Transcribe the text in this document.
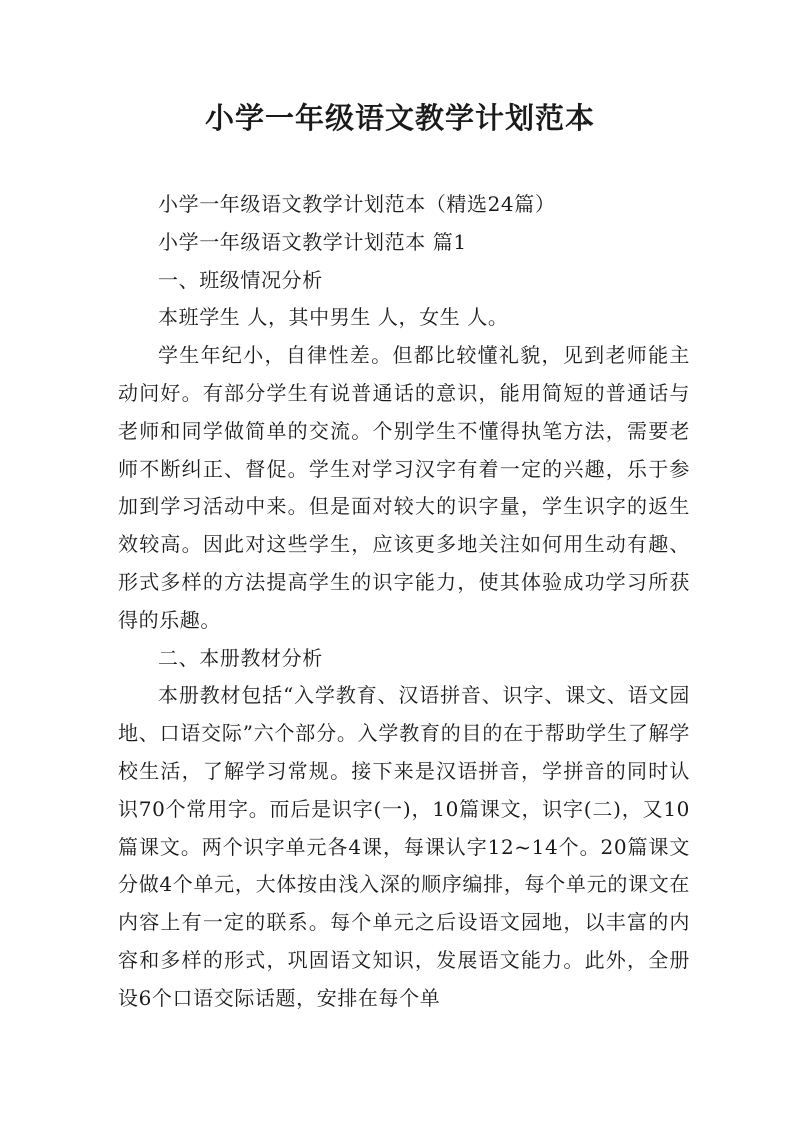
小学一年级语文教学计划范本

小学一年级语文教学计划范本（精选24篇）

小学一年级语文教学计划范本 篇1

一、班级情况分析

本班学生 人，其中男生 人，女生 人。

学生年纪小，自律性差。但都比较懂礼貌，见到老师能主动问好。有部分学生有说普通话的意识，能用简短的普通话与老师和同学做简单的交流。个别学生不懂得执笔方法，需要老师不断纠正、督促。学生对学习汉字有着一定的兴趣，乐于参加到学习活动中来。但是面对较大的识字量，学生识字的返生效较高。因此对这些学生，应该更多地关注如何用生动有趣、形式多样的方法提高学生的识字能力，使其体验成功学习所获得的乐趣。

二、本册教材分析

本册教材包括“入学教育、汉语拼音、识字、课文、语文园地、口语交际”六个部分。入学教育的目的在于帮助学生了解学校生活，了解学习常规。接下来是汉语拼音，学拼音的同时认识70个常用字。而后是识字(一)，10篇课文，识字(二)，又10篇课文。两个识字单元各4课，每课认字12~14个。20篇课文分做4个单元，大体按由浅入深的顺序编排，每个单元的课文在内容上有一定的联系。每个单元之后设语文园地，以丰富的内容和多样的形式，巩固语文知识，发展语文能力。此外，全册设6个口语交际话题，安排在每个单
